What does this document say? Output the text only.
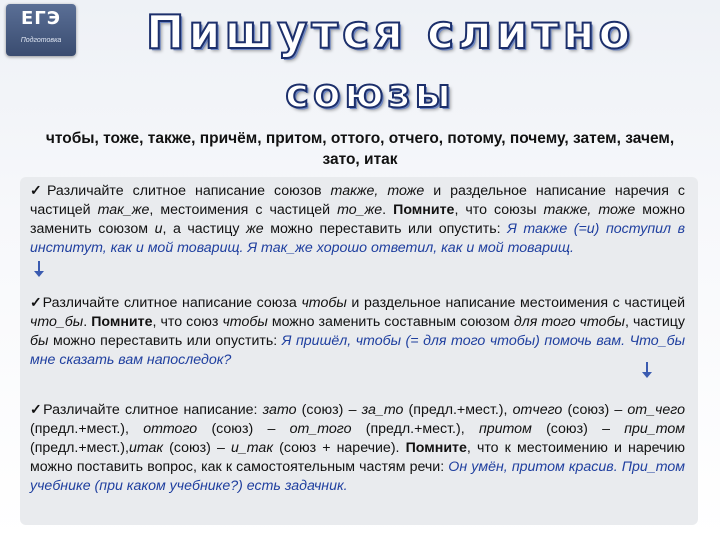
ЕГЭ
Подготовка	Пишутся слитно
союзы
чтобы, тоже, также, причём, притом, оттого, отчего, потому, почему, затем, зачем, зато, итак
✓Различайте слитное написание союзов также, тоже и раздельное написание наречия с частицей так_же, местоимения с частицей то_же. Помните, что союзы также, тоже можно заменить союзом и, а частицу же можно переставить или опустить: Я также (=и) поступил в институт, как и мой товарищ. Я так_же хорошо ответил, как и мой товарищ.
✓Различайте слитное написание союза чтобы и раздельное написание местоимения с частицей что_бы. Помните, что союз чтобы можно заменить составным союзом для того чтобы, частицу бы можно переставить или опустить: Я пришёл, чтобы (= для того чтобы) помочь вам. Что_бы мне сказать вам напоследок?
✓Различайте слитное написание: зато (союз) – за_то (предл.+мест.), отчего (союз) – от_чего (предл.+мест.), оттого (союз) – от_того (предл.+мест.), притом (союз) – при_том (предл.+мест.),итак (союз) – и_так (союз + наречие). Помните, что к местоимению и наречию можно поставить вопрос, как к самостоятельным частям речи: Он умён, притом красив. При_том учебнике (при каком учебнике?) есть задачник.
